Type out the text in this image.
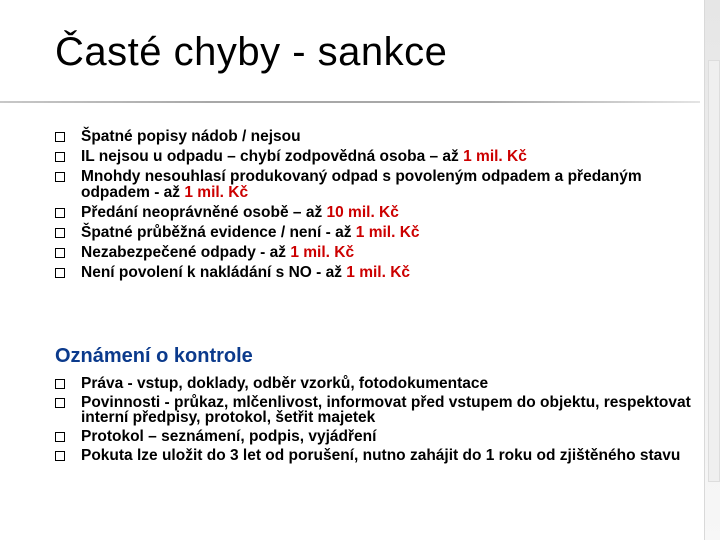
Časté chyby - sankce
Špatné popisy nádob / nejsou
IL nejsou u odpadu – chybí zodpovědná osoba – až 1 mil. Kč
Mnohdy nesouhlasí produkovaný odpad s povoleným odpadem a předaným odpadem - až 1 mil. Kč
Předání neoprávněné osobě – až 10 mil. Kč
Špatné průběžná evidence / není - až 1 mil. Kč
Nezabezpečené odpady - až 1 mil. Kč
Není povolení k nakládání s NO - až 1 mil. Kč
Oznámení o kontrole
Práva - vstup, doklady, odběr vzorků, fotodokumentace
Povinnosti - průkaz, mlčenlivost, informovat před vstupem do objektu, respektovat interní předpisy, protokol, šetřit majetek
Protokol – seznámení, podpis, vyjádření
Pokuta lze uložit do 3 let od porušení, nutno zahájit do 1 roku od zjištěného stavu
